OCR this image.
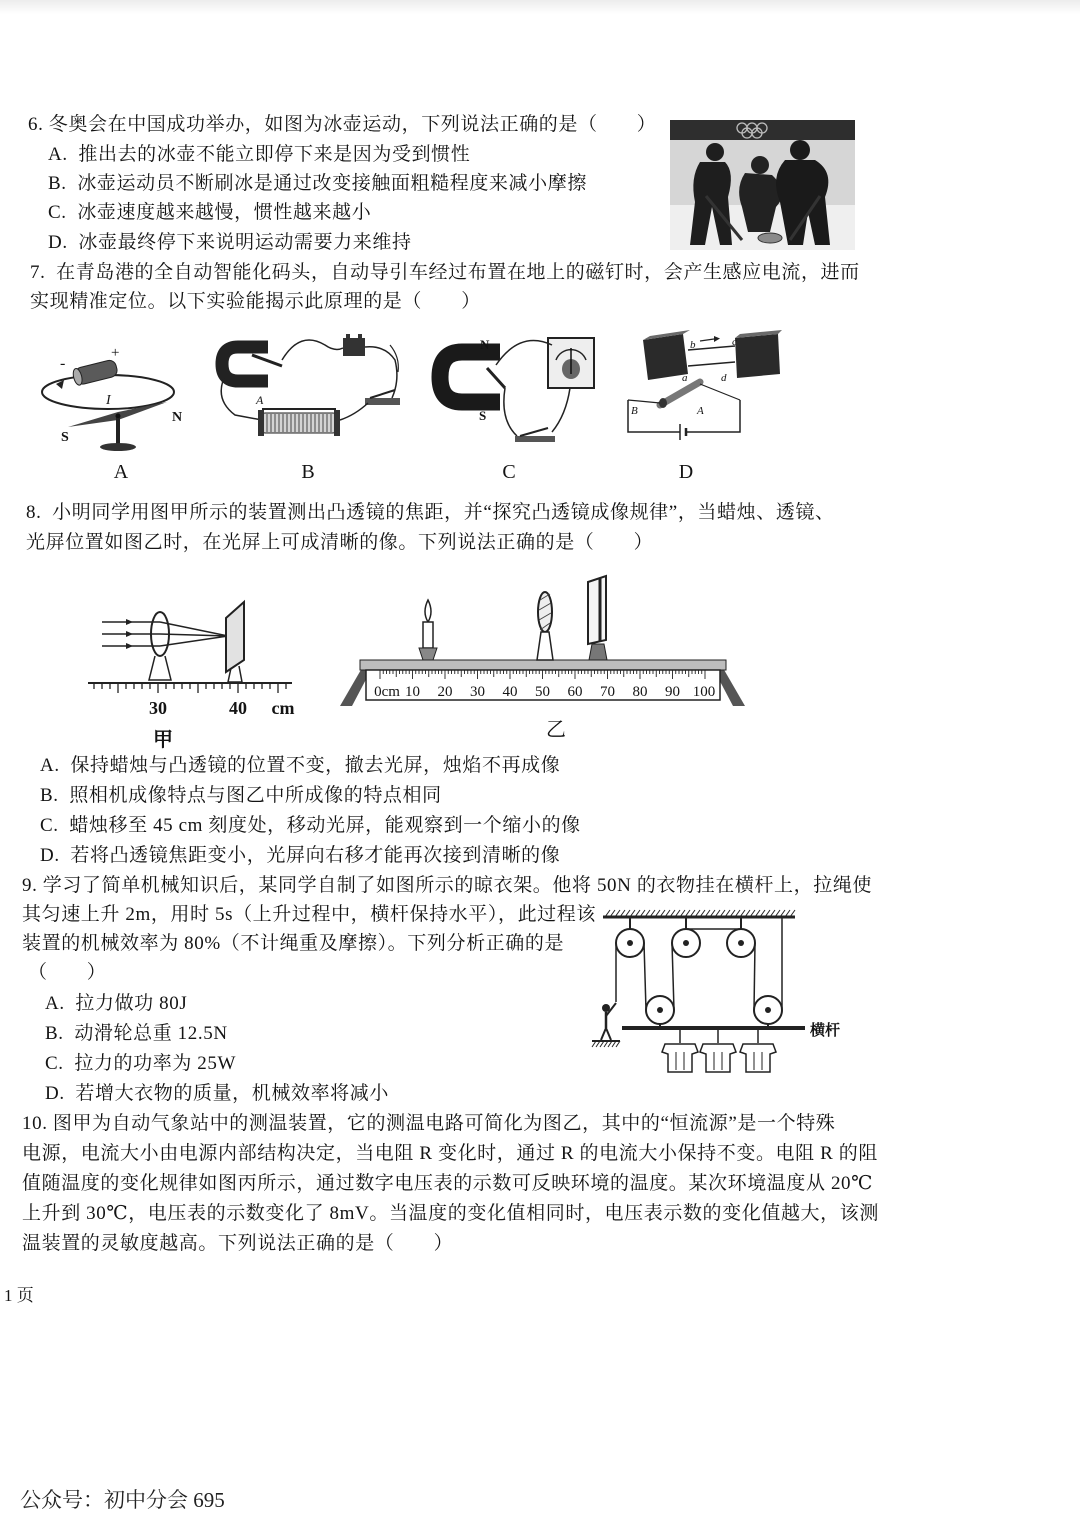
-
+
I
N
S
A
A
B
N
S
C
b	c
a	d
B	A
D
30	40 cm
甲
0cm 10 20 30 40 50 60 70 80 90 100
乙
横杆
6. 冬奥会在中国成功举办，如图为冰壶运动，下列说法正确的是（　　）
A.  推出去的冰壶不能立即停下来是因为受到惯性
B.  冰壶运动员不断刷冰是通过改变接触面粗糙程度来减小摩擦
C.  冰壶速度越来越慢，惯性越来越小
D.  冰壶最终停下来说明运动需要力来维持
7.  在青岛港的全自动智能化码头，自动导引车经过布置在地上的磁钉时，会产生感应电流，进而
实现精准定位。以下实验能揭示此原理的是（　　）
8.  小明同学用图甲所示的装置测出凸透镜的焦距，并“探究凸透镜成像规律”，当蜡烛、透镜、
光屏位置如图乙时，在光屏上可成清晰的像。下列说法正确的是（　　）
A.  保持蜡烛与凸透镜的位置不变，撤去光屏，烛焰不再成像
B.  照相机成像特点与图乙中所成像的特点相同
C.  蜡烛移至 45 cm 刻度处，移动光屏，能观察到一个缩小的像
D.  若将凸透镜焦距变小，光屏向右移才能再次接到清晰的像
9. 学习了简单机械知识后，某同学自制了如图所示的晾衣架。他将 50N 的衣物挂在横杆上，拉绳使
其匀速上升 2m，用时 5s（上升过程中，横杆保持水平），此过程该
装置的机械效率为 80%（不计绳重及摩擦）。下列分析正确的是
（　　）
A.  拉力做功 80J
B.  动滑轮总重 12.5N
C.  拉力的功率为 25W
D.  若增大衣物的质量，机械效率将减小
10. 图甲为自动气象站中的测温装置，它的测温电路可简化为图乙，其中的“恒流源”是一个特殊
电源，电流大小由电源内部结构决定，当电阻 R 变化时，通过 R 的电流大小保持不变。电阻 R 的阻
值随温度的变化规律如图丙所示，通过数字电压表的示数可反映环境的温度。某次环境温度从 20℃
上升到 30℃，电压表的示数变化了 8mV。当温度的变化值相同时，电压表示数的变化值越大，该测
温装置的灵敏度越高。下列说法正确的是（　　）
1 页
公众号：初中分会 695
